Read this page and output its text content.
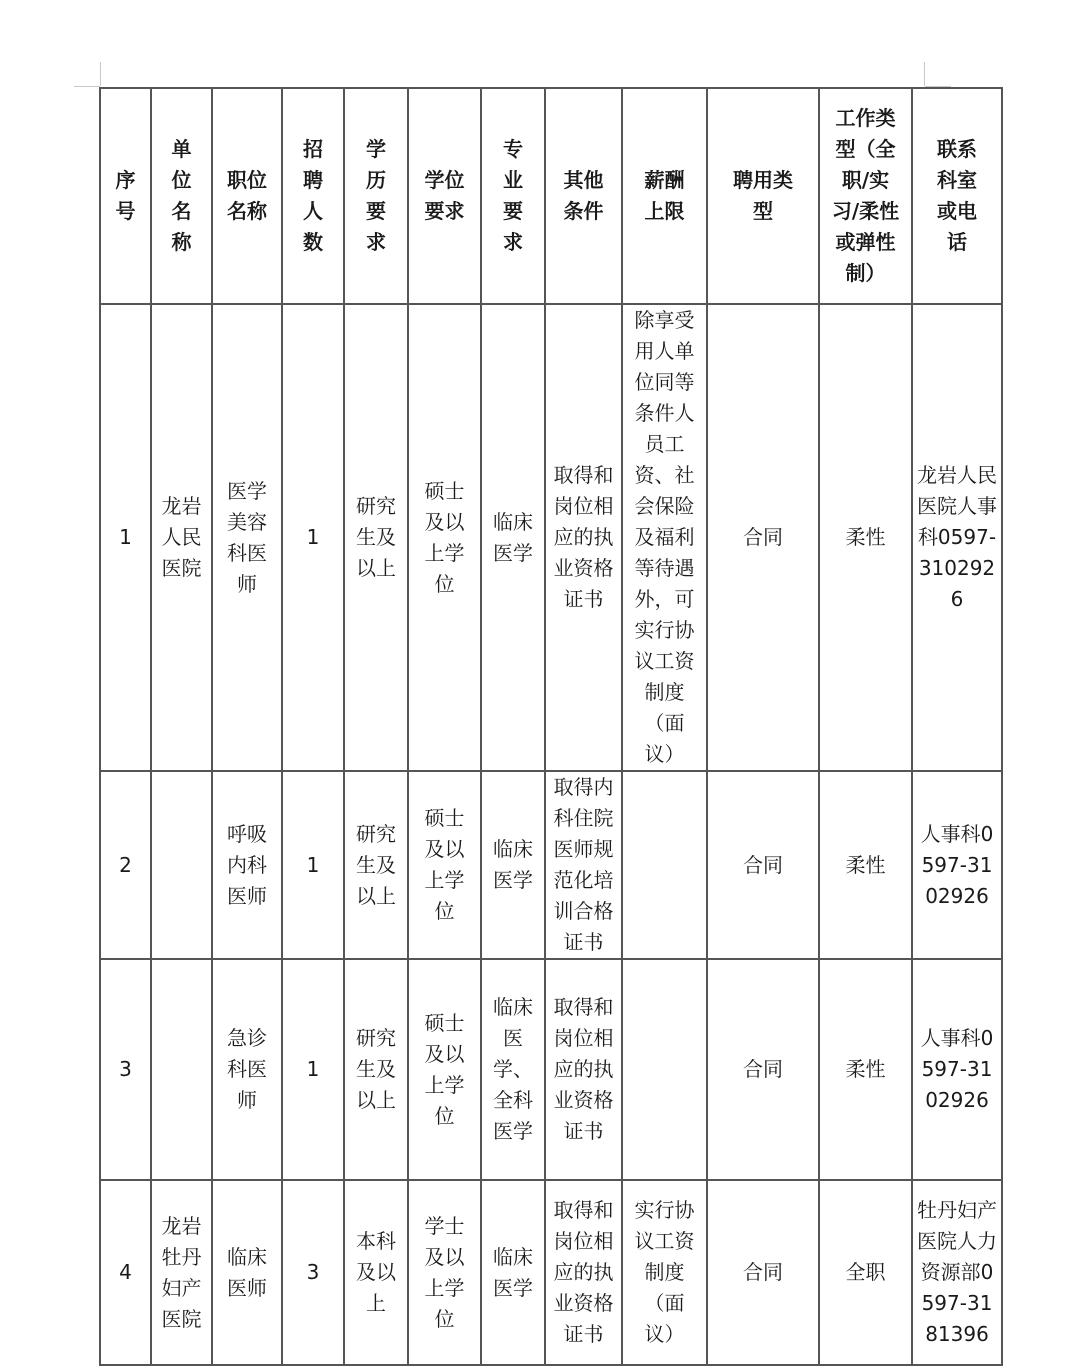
序号	单位名称	职位名称	招聘人数	学历要求	学位要求	专业要求	其他条件	薪酬上限	聘用类型	工作类型（全职/实习/柔性或弹性制）	联系科室或电话
1	龙岩人民医院	医学美容科医师	1	研究生及以上	硕士及以上学位	临床医学	取得和岗位相应的执业资格证书	除享受用人单位同等条件人员工资、社会保险及福利等待遇外，可实行协议工资制度（面议）	合同	柔性	龙岩人民医院人事科0597-3102926
2		呼吸内科医师	1	研究生及以上	硕士及以上学位	临床医学	取得内科住院医师规范化培训合格证书		合同	柔性	人事科0597-3102926
3		急诊科医师	1	研究生及以上	硕士及以上学位	临床医学、全科医学	取得和岗位相应的执业资格证书		合同	柔性	人事科0597-3102926
4	龙岩牡丹妇产医院	临床医师	3	本科及以上	学士及以上学位	临床医学	取得和岗位相应的执业资格证书	实行协议工资制度（面议）	合同	全职	牡丹妇产医院人力资源部0597-3181396
